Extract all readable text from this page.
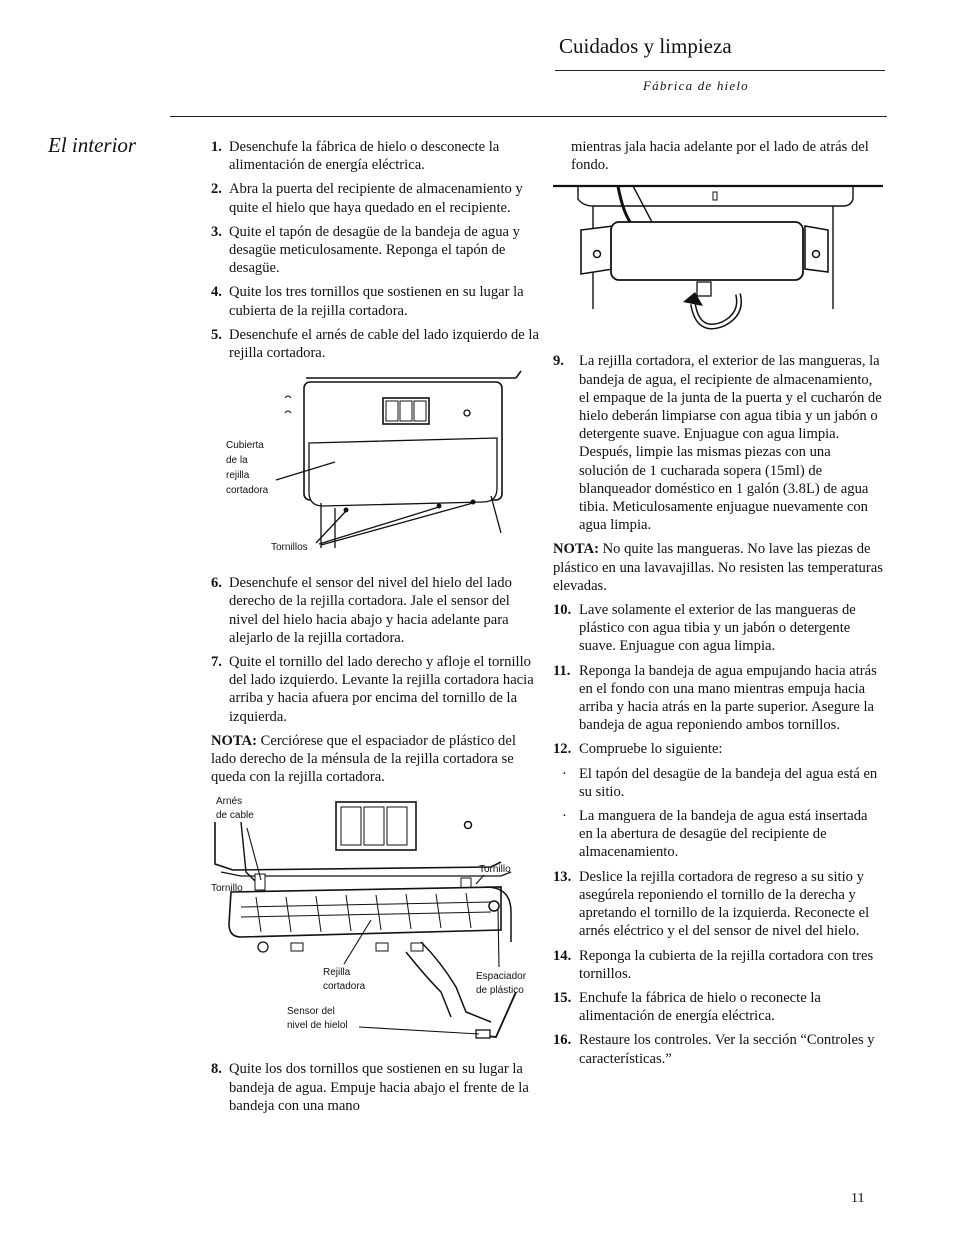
Cuidados y limpieza
Fábrica de hielo
El interior	1. Desenchufe la fábrica de hielo o desconecte la alimentación de energía eléctrica.
2. Abra la puerta del recipiente de almacenamiento y quite el hielo que haya quedado en el recipiente.
3. Quite el tapón de desagüe de la bandeja de agua y desagüe meticulosamente. Reponga el tapón de desagüe.
4. Quite los tres tornillos que sostienen en su lugar la cubierta de la rejilla cortadora.
5. Desenchufe el arnés de cable del lado izquierdo de la rejilla cortadora.
Cubierta
de la
rejilla
cortadora
Tornillos
6. Desenchufe el sensor del nivel del hielo del lado derecho de la rejilla cortadora. Jale el sensor del nivel del hielo hacia abajo y hacia adelante para alejarlo de la rejilla cortadora.
7. Quite el tornillo del lado derecho y afloje el tornillo del lado izquierdo. Levante la rejilla cortadora hacia arriba y hacia afuera por encima del tornillo de la izquierda.
NOTA: Cerciórese que el espaciador de plástico del lado derecho de la ménsula de la rejilla cortadora se queda con la rejilla cortadora.
Arnés
de cable
Tornillo
Tornillo
Rejilla
cortadora
Espaciador
de plástico
Sensor del
nivel de hielol
8. Quite los dos tornillos que sostienen en su lugar la bandeja de agua. Empuje hacia abajo el frente de la bandeja con una mano
mientras jala hacia adelante por el lado de atrás del fondo.
9. La rejilla cortadora, el exterior de las mangueras, la bandeja de agua, el recipiente de almacenamiento, el empaque de la junta de la puerta y el cucharón de hielo deberán limpiarse con agua tibia y un jabón o detergente suave. Enjuague con agua limpia. Después, limpie las mismas piezas con una solución de 1 cucharada sopera (15ml) de blanqueador doméstico en 1 galón (3.8L) de agua tibia. Meticulosamente enjuague nuevamente con agua limpia.
NOTA: No quite las mangueras. No lave las piezas de plástico en una lavavajillas. No resisten las temperaturas elevadas.
10. Lave solamente el exterior de las mangueras de plástico con agua tibia y un jabón o detergente suave. Enjuague con agua limpia.
11. Reponga la bandeja de agua empujando hacia atrás en el fondo con una mano mientras empuja hacia arriba y hacia atrás en la parte superior. Asegure la bandeja de agua reponiendo ambos tornillos.
12. Compruebe lo siguiente:
· El tapón del desagüe de la bandeja del agua está en su sitio.
· La manguera de la bandeja de agua está insertada en la abertura de desagüe del recipiente de almacenamiento.
13. Deslice la rejilla cortadora de regreso a su sitio y asegúrela reponiendo el tornillo de la derecha y apretando el tornillo de la izquierda. Reconecte el arnés eléctrico y el del sensor de nivel del hielo.
14. Reponga la cubierta de la rejilla cortadora con tres tornillos.
15. Enchufe la fábrica de hielo o reconecte la alimentación de energía eléctrica.
16. Restaure los controles. Ver la sección “Controles y características.”
11
